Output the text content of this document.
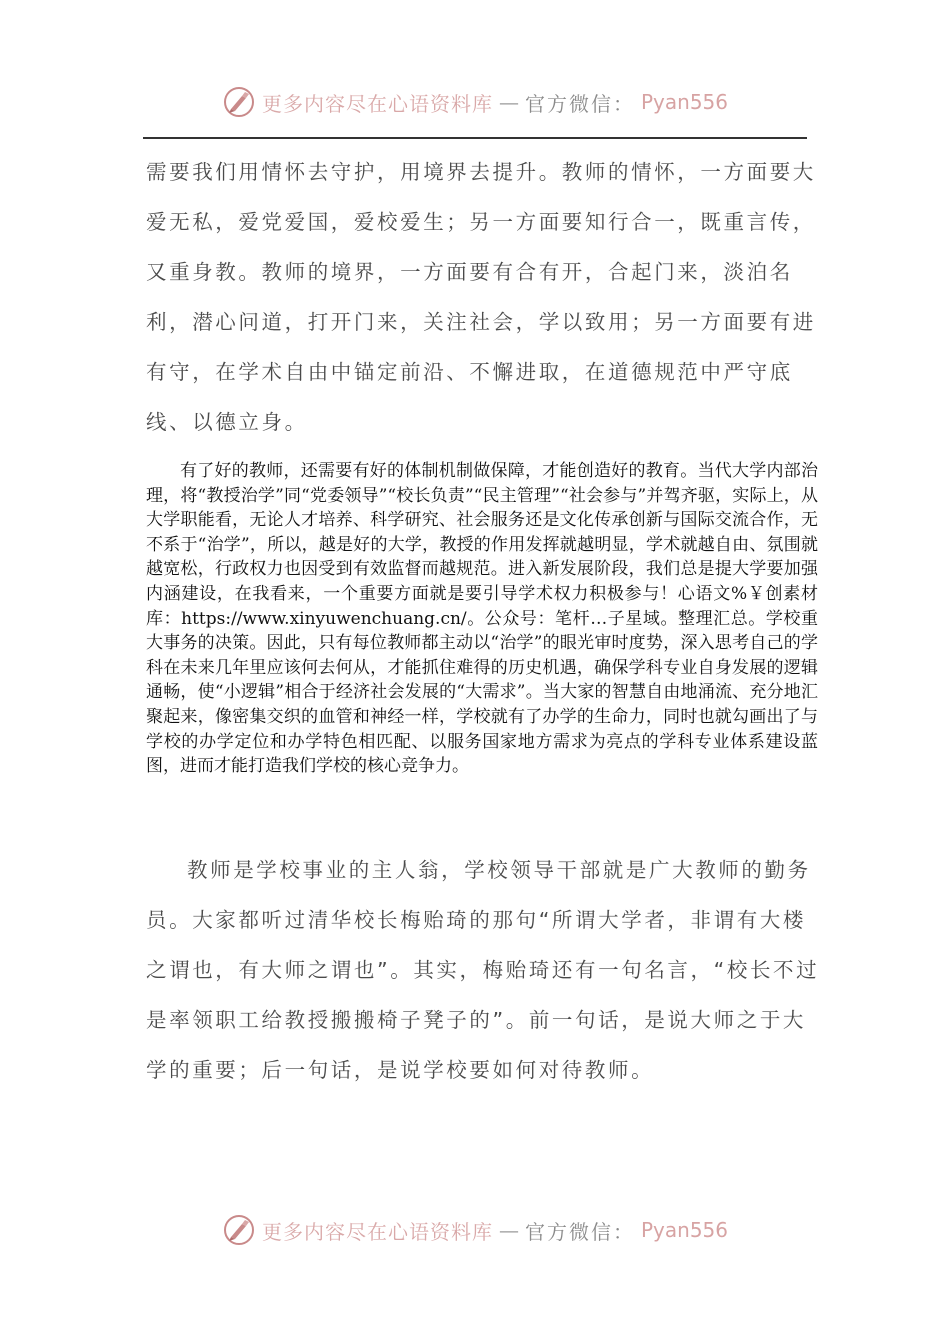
更多内容尽在心语资料库 — 官方微信： Pyan556
需要我们用情怀去守护，用境界去提升。教师的情怀，一方面要大爱无私，爱党爱国，爱校爱生；另一方面要知行合一，既重言传，又重身教。教师的境界，一方面要有合有开，合起门来，淡泊名利，潜心问道，打开门来，关注社会，学以致用；另一方面要有进有守，在学术自由中锚定前沿、不懈进取，在道德规范中严守底线、以德立身。
有了好的教师，还需要有好的体制机制做保障，才能创造好的教育。当代大学内部治理，将“教授治学”同“党委领导”“校长负责”“民主管理”“社会参与”并驾齐驱，实际上，从大学职能看，无论人才培养、科学研究、社会服务还是文化传承创新与国际交流合作，无不系于“治学”，所以，越是好的大学，教授的作用发挥就越明显，学术就越自由、氛围就越宽松，行政权力也因受到有效监督而越规范。进入新发展阶段，我们总是提大学要加强内涵建设，在我看来，一个重要方面就是要引导学术权力积极参与！心语文%￥创素材库：https://www.xinyuwenchuang.cn/。公众号：笔杆…子星域。整理汇总。学校重大事务的决策。因此，只有每位教师都主动以“治学”的眼光审时度势，深入思考自己的学科在未来几年里应该何去何从，才能抓住难得的历史机遇，确保学科专业自身发展的逻辑通畅，使“小逻辑”相合于经济社会发展的“大需求”。当大家的智慧自由地涌流、充分地汇聚起来，像密集交织的血管和神经一样，学校就有了办学的生命力，同时也就勾画出了与学校的办学定位和办学特色相匹配、以服务国家地方需求为亮点的学科专业体系建设蓝图，进而才能打造我们学校的核心竞争力。
教师是学校事业的主人翁，学校领导干部就是广大教师的勤务员。大家都听过清华校长梅贻琦的那句“所谓大学者，非谓有大楼之谓也，有大师之谓也”。其实，梅贻琦还有一句名言，“校长不过是率领职工给教授搬搬椅子凳子的”。前一句话，是说大师之于大学的重要；后一句话，是说学校要如何对待教师。
更多内容尽在心语资料库 — 官方微信： Pyan556
